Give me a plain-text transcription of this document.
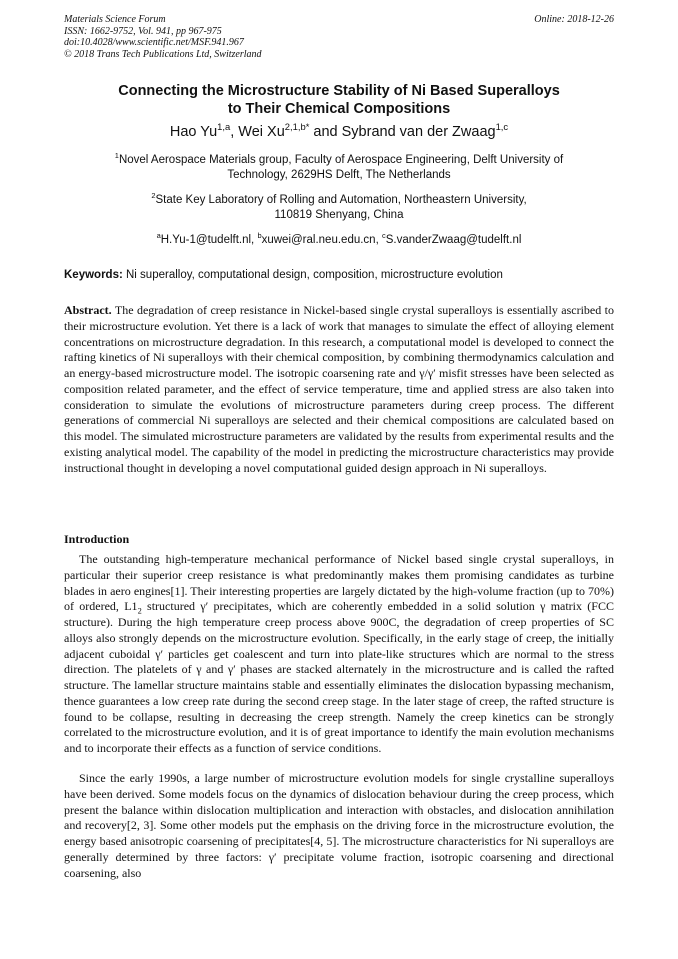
Materials Science Forum
ISSN: 1662-9752, Vol. 941, pp 967-975
doi:10.4028/www.scientific.net/MSF.941.967
© 2018 Trans Tech Publications Ltd, Switzerland
Online: 2018-12-26
Connecting the Microstructure Stability of Ni Based Superalloys
to Their Chemical Compositions
Hao Yu$^{1,a}$, Wei $Xu^{2,1,b*}$ and Sybrand van der Zwaag$^{1,c}$
$^1$Novel Aerospace Materials group, Faculty of Aerospace Engineering, Delft University of
Technology, 2629HS Delft, The Netherlands
$^2$State Key Laboratory of Rolling and Automation, Northeastern University,
110819 Shenyang, China
$^a$H.Yu-1@tudelft.nl, $^b$xuwei@ral.neu.edu.cn, $^c$S.vanderZwaag@tudelft.nl
Keywords: Ni superalloy, computational design, composition, microstructure evolution
Abstract. The degradation of creep resistance in Nickel-based single crystal superalloys is essentially ascribed to their microstructure evolution. Yet there is a lack of work that manages to simulate the effect of alloying element concentrations on microstructure degradation. In this research, a computational model is developed to connect the rafting kinetics of Ni superalloys with their chemical composition, by combining thermodynamics calculation and an energy-based microstructure model. The isotropic coarsening rate and γ/γ′ misfit stresses have been selected as composition related parameter, and the effect of service temperature, time and applied stress are also taken into consideration to simulate the evolutions of microstructure parameters during creep process. The different generations of commercial Ni superalloys are selected and their chemical compositions are calculated based on this model. The simulated microstructure parameters are validated by the results from experimental results and the existing analytical model. The capability of the model in predicting the microstructure characteristics may provide instructional thought in developing a novel computational guided design approach in Ni superalloys.
Introduction
The outstanding high-temperature mechanical performance of Nickel based single crystal superalloys, in particular their superior creep resistance is what predominantly makes them promising candidates as turbine blades in aero engines[1]. Their interesting properties are largely dictated by the high-volume fraction (up to 70%) of ordered, $L1_2$ structured γ′ precipitates, which are coherently embedded in a solid solution γ matrix (FCC structure). During the high temperature creep process above 900C, the degradation of creep properties of SC alloys also strongly depends on the microstructure evolution. Specifically, in the early stage of creep, the initially adjacent cuboidal γ′ particles get coalescent and turn into plate-like structures which are normal to the stress direction. The platelets of γ and γ′ phases are stacked alternately in the microstructure and is called the rafted structure. The lamellar structure maintains stable and essentially eliminates the dislocation bypassing mechanism, thence guarantees a low creep rate during the second creep stage. In the later stage of creep, the rafted structure is found to be collapse, resulting in decreasing the creep strength. Namely the creep kinetics can be strongly correlated to the microstructure evolution, and it is of great importance to identify the main evolution mechanisms and to incorporate their effects as a function of service conditions.
Since the early 1990s, a large number of microstructure evolution models for single crystalline superalloys have been derived. Some models focus on the dynamics of dislocation behaviour during the creep process, which present the balance within dislocation multiplication and interaction with obstacles, and dislocation annihilation and recovery[2, 3]. Some other models put the emphasis on the driving force in the microstructure evolution, the energy based anisotropic coarsening of precipitates[4, 5]. The microstructure characteristics for Ni superalloys are generally determined by three factors: γ′ precipitate volume fraction, isotropic coarsening and directional coarsening, also
